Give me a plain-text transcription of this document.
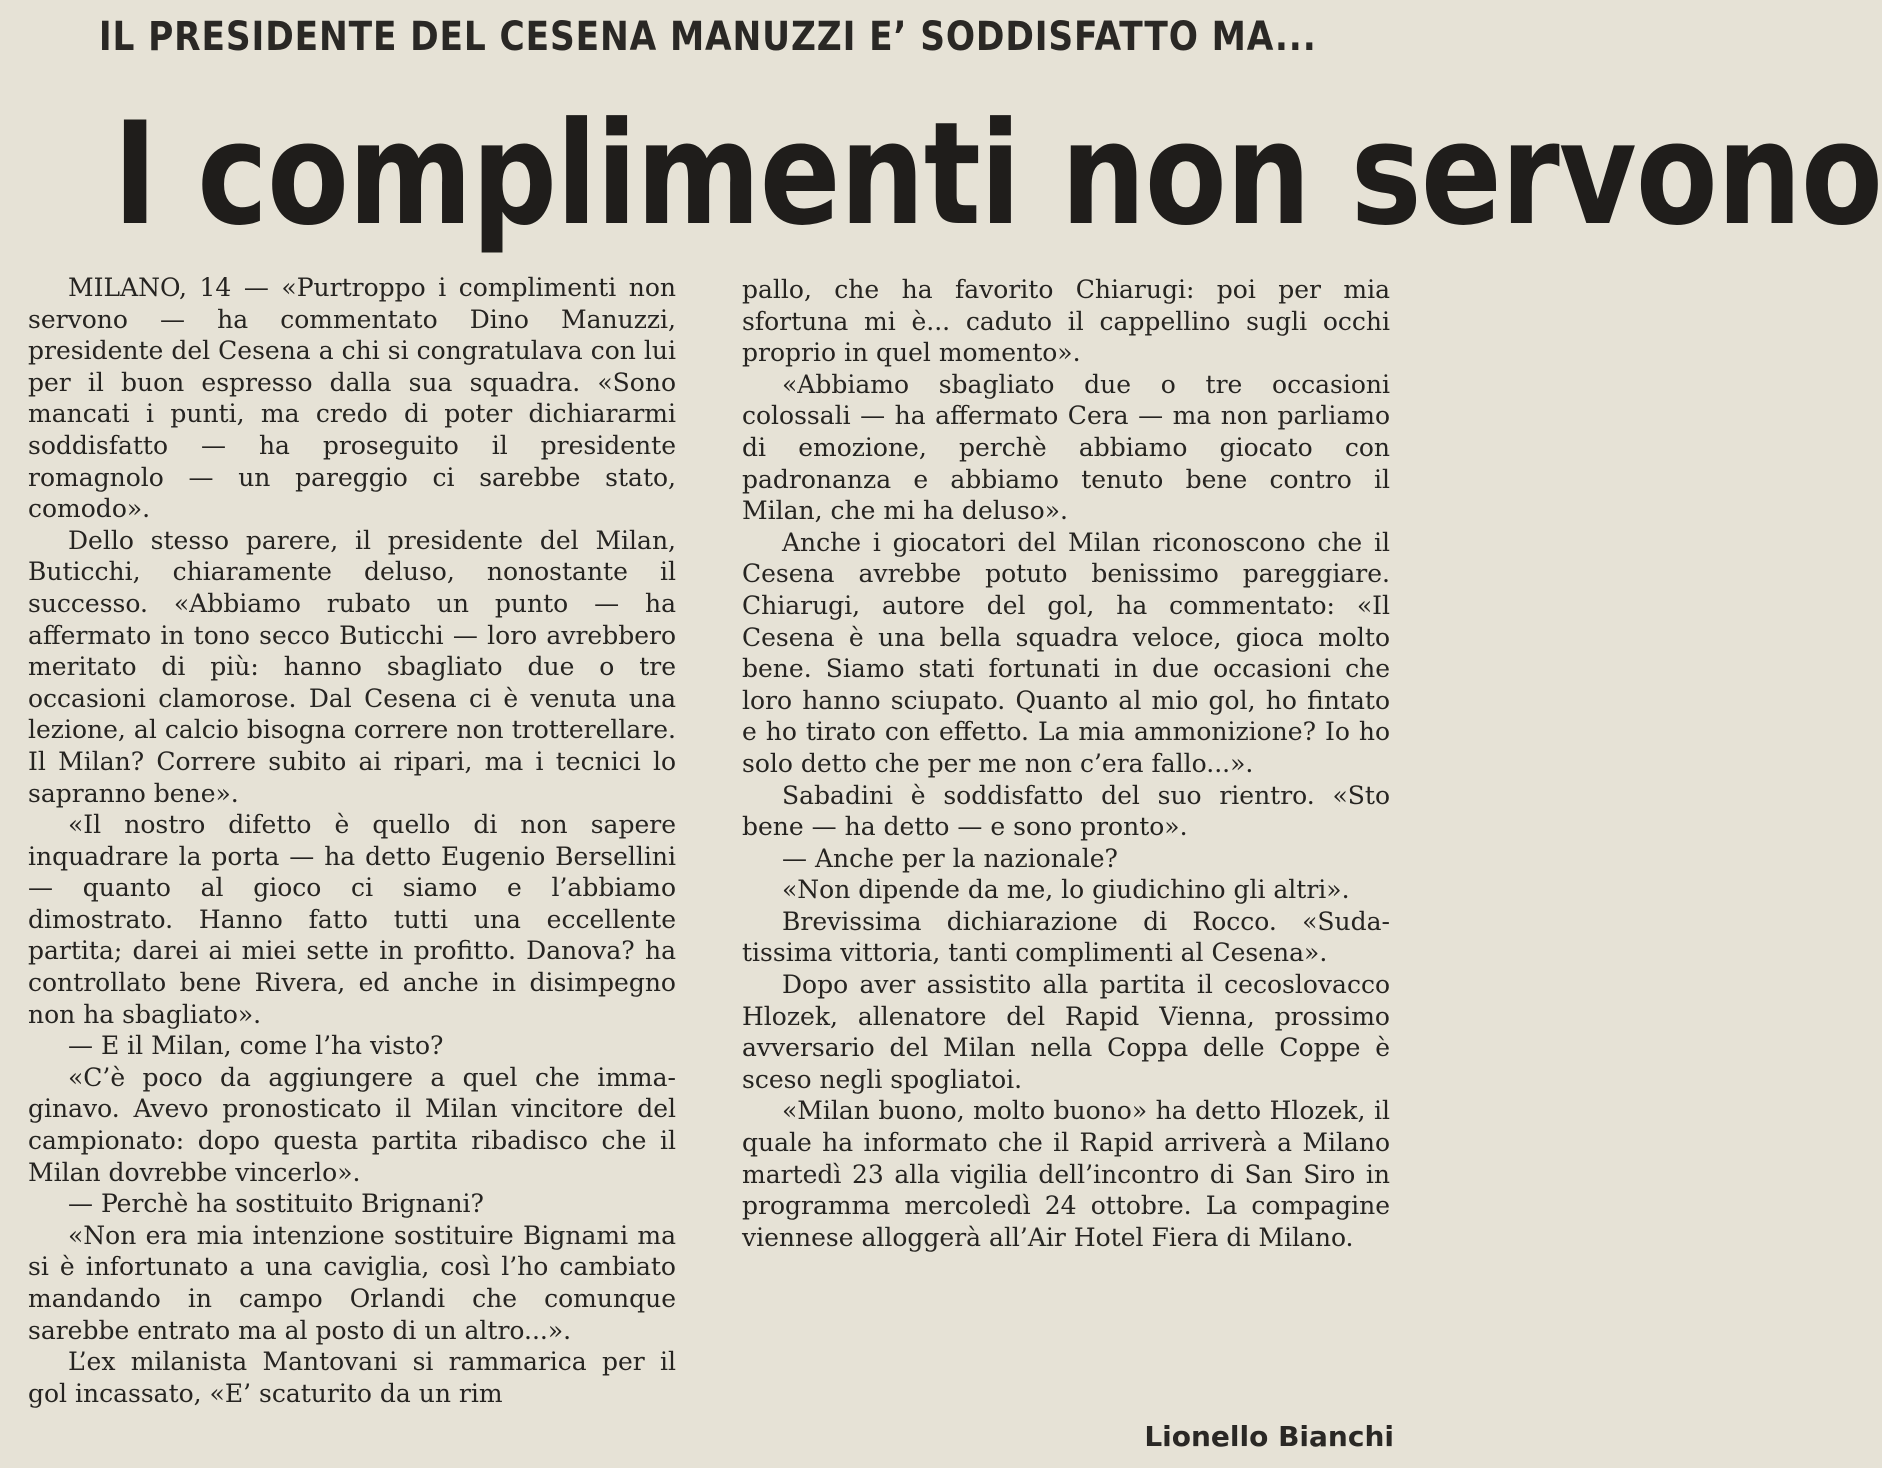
IL PRESIDENTE DEL CESENA MANUZZI E’ SODDISFATTO MA...
I complimenti non servono

MILANO, 14 — «Purtroppo i complimenti non servono — ha commentato Dino Manuzzi, presidente del Cesena a chi si congratulava con lui per il buon espresso dalla sua squadra. «Sono mancati i punti, ma credo di poter dichiararmi soddisfatto — ha proseguito il presidente romagnolo — un pareggio ci sarebbe stato, comodo».

Dello stesso parere, il presidente del Milan, Buticchi, chiaramente deluso, nonostante il successo. «Abbiamo rubato un punto — ha affermato in tono secco Buticchi — loro avrebbero meritato di più: hanno sbagliato due o tre occasioni clamorose. Dal Cesena ci è venuta una lezione, al calcio bisogna correre non trotterellare. Il Milan? Correre subito ai ripari, ma i tecnici lo sapranno bene».

«Il nostro difetto è quello di non sapere inquadrare la porta — ha detto Eugenio Bersellini — quanto al gioco ci siamo e l’abbiamo dimostrato. Hanno fatto tutti una eccellente partita; darei ai miei sette in profitto. Danova? ha controllato bene Rivera, ed anche in disimpegno non ha sbagliato».

— E il Milan, come l’ha visto?

«C’è poco da aggiungere a quel che immaginavo. Avevo pronosticato il Milan vincitore del campionato: dopo questa partita ribadisco che il Milan dovrebbe vincerlo».

— Perchè ha sostituito Brignani?

«Non era mia intenzione sostituire Bignami ma si è infortunato a una caviglia, così l’ho cambiato mandando in campo Orlandi che comunque sarebbe entrato ma al posto di un altro...».

L’ex milanista Mantovani si rammarica per il gol incassato, «E’ scaturito da un rim

pallo, che ha favorito Chiarugi: poi per mia sfortuna mi è... caduto il cappellino sugli occhi proprio in quel momento».

«Abbiamo sbagliato due o tre occasioni colossali — ha affermato Cera — ma non parliamo di emozione, perchè abbiamo giocato con padronanza e abbiamo tenuto bene contro il Milan, che mi ha deluso».

Anche i giocatori del Milan riconoscono che il Cesena avrebbe potuto benissimo pareggiare. Chiarugi, autore del gol, ha commentato: «Il Cesena è una bella squadra veloce, gioca molto bene. Siamo stati fortunati in due occasioni che loro hanno sciupato. Quanto al mio gol, ho fintato e ho tirato con effetto. La mia ammonizione? Io ho solo detto che per me non c’era fallo...».

Sabadini è soddisfatto del suo rientro. «Sto bene — ha detto — e sono pronto».

— Anche per la nazionale?

«Non dipende da me, lo giudichino gli altri».

Brevissima dichiarazione di Rocco. «Sudatissima vittoria, tanti complimenti al Cesena».

Dopo aver assistito alla partita il cecoslovacco Hlozek, allenatore del Rapid Vienna, prossimo avversario del Milan nella Coppa delle Coppe è sceso negli spogliatoi.

«Milan buono, molto buono» ha detto Hlozek, il quale ha informato che il Rapid arriverà a Milano martedì 23 alla vigilia dell’incontro di San Siro in programma mercoledì 24 ottobre. La compagine viennese alloggerà all’Air Hotel Fiera di Milano.

Lionello Bianchi
